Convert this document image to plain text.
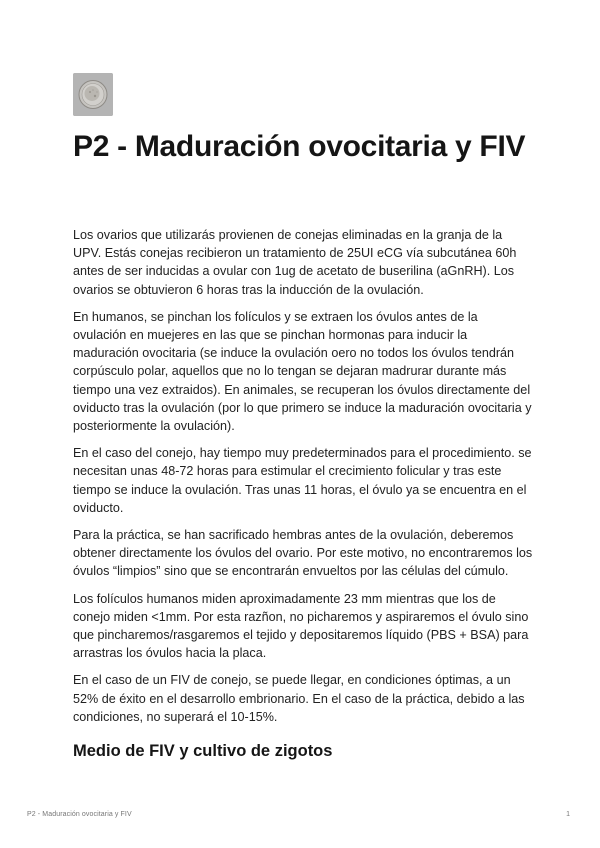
P2 - Maduración ovocitaria y FIV

Los ovarios que utilizarás provienen de conejas eliminadas en la granja de la UPV. Estás conejas recibieron un tratamiento de 25UI eCG vía subcutánea 60h antes de ser inducidas a ovular con 1ug de acetato de buserilina (aGnRH). Los ovarios se obtuvieron 6 horas tras la inducción de la ovulación.

En humanos, se pinchan los folículos y se extraen los óvulos antes de la ovulación en muejeres en las que se pinchan hormonas para inducir la maduración ovocitaria (se induce la ovulación oero no todos los óvulos tendrán corpúsculo polar, aquellos que no lo tengan se dejaran madrurar durante más tiempo una vez extraidos). En animales, se recuperan los óvulos directamente del oviducto tras la ovulación (por lo que primero se induce la maduración ovocitaria y posteriormente la ovulación).

En el caso del conejo, hay tiempo muy predeterminados para el procedimiento. se necesitan unas 48-72 horas para estimular el crecimiento folicular y tras este tiempo se induce la ovulación. Tras unas 11 horas, el óvulo ya se encuentra en el oviducto.

Para la práctica, se han sacrificado hembras antes de la ovulación, deberemos obtener directamente los óvulos del ovario. Por este motivo, no encontraremos los óvulos “limpios” sino que se encontrarán envueltos por las células del cúmulo.

Los folículos humanos miden aproximadamente 23 mm mientras que los de conejo miden <1mm. Por esta razñon, no picharemos y aspiraremos el óvulo sino que pincharemos/rasgaremos el tejido y depositaremos líquido (PBS + BSA) para arrastras los óvulos hacia la placa.

En el caso de un FIV de conejo, se puede llegar, en condiciones óptimas, a un 52% de éxito en el desarrollo embrionario. En el caso de la práctica, debido a las condiciones, no superará el 10-15%.

Medio de FIV y cultivo de zigotos
P2 - Maduración ovocitaria y FIV	1
